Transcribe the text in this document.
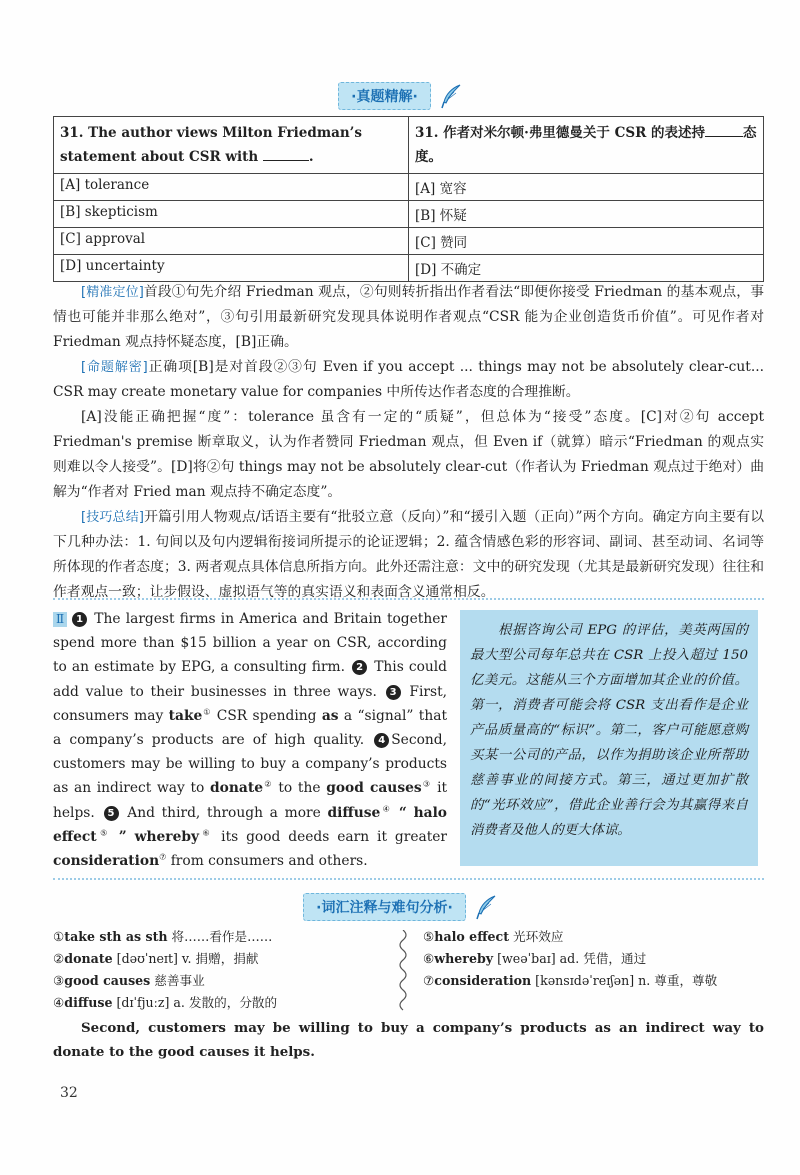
·真题精解·
31. The author views Milton Friedman’s statement about CSR with .	31. 作者对米尔顿·弗里德曼关于 CSR 的表述持 态度。
[A] tolerance	[A] 宽容
[B] skepticism	[B] 怀疑
[C] approval	[C] 赞同
[D] uncertainty	[D] 不确定

[精准定位]首段①句先介绍 Friedman 观点，②句则转折指出作者看法“即便你接受 Friedman 的基本观点，事情也可能并非那么绝对”，③句引用最新研究发现具体说明作者观点“CSR 能为企业创造货币价值”。可见作者对 Friedman 观点持怀疑态度，[B]正确。

[命题解密]正确项[B]是对首段②③句 Even if you accept ... things may not be absolutely clear-cut... CSR may create monetary value for companies 中所传达作者态度的合理推断。

[A]没能正确把握“度”：tolerance 虽含有一定的“质疑”，但总体为“接受”态度。[C]对②句 accept Friedman's premise 断章取义，认为作者赞同 Friedman 观点，但 Even if（就算）暗示“Friedman 的观点实则难以令人接受”。[D]将②句 things may not be absolutely clear-cut（作者认为 Friedman 观点过于绝对）曲解为“作者对 Fried man 观点持不确定态度”。

[技巧总结]开篇引用人物观点/话语主要有“批驳立意（反向）”和“援引入题（正向）”两个方向。确定方向主要有以下几种办法：1. 句间以及句内逻辑衔接词所提示的论证逻辑；2. 蕴含情感色彩的形容词、副词、甚至动词、名词等所体现的作者态度；3. 两者观点具体信息所指方向。此外还需注意：文中的研究发现（尤其是最新研究发现）往往和作者观点一致；让步假设、虚拟语气等的真实语义和表面含义通常相反。

Ⅱ 1 The largest firms in America and Britain together spend more than $15 billion a year on CSR, according to an estimate by EPG, a consulting firm. 2 This could add value to their businesses in three ways. 3 First, consumers may take① CSR spending as a “signal” that a company’s products are of high quality. 4 Second, customers may be willing to buy a company’s products as an indirect way to donate② to the good causes③ it helps. 5 And third, through a more diffuse④ “ halo effect⑤ ” whereby⑥ its good deeds earn it greater consideration⑦ from consumers and others.

根据咨询公司 EPG 的评估，美英两国的最大型公司每年总共在 CSR 上投入超过 150 亿美元。这能从三个方面增加其企业的价值。第一，消费者可能会将 CSR 支出看作是企业产品质量高的“标识”。第二，客户可能愿意购买某一公司的产品，以作为捐助该企业所帮助慈善事业的间接方式。第三，通过更加扩散的“光环效应”，借此企业善行会为其赢得来自消费者及他人的更大体谅。

·词汇注释与难句分析·
①take sth as sth 将……看作是……
②donate [dəʊˈneɪt] v. 捐赠，捐献
③good causes 慈善事业
④diffuse [dɪˈfjuːz] a. 发散的，分散的
⑤halo effect 光环效应
⑥whereby [weəˈbaɪ] ad. 凭借，通过
⑦consideration [kənsɪdəˈreɪʃən] n. 尊重，尊敬
Second, customers may be willing to buy a company’s products as an indirect way to donate to the good causes it helps.
32
